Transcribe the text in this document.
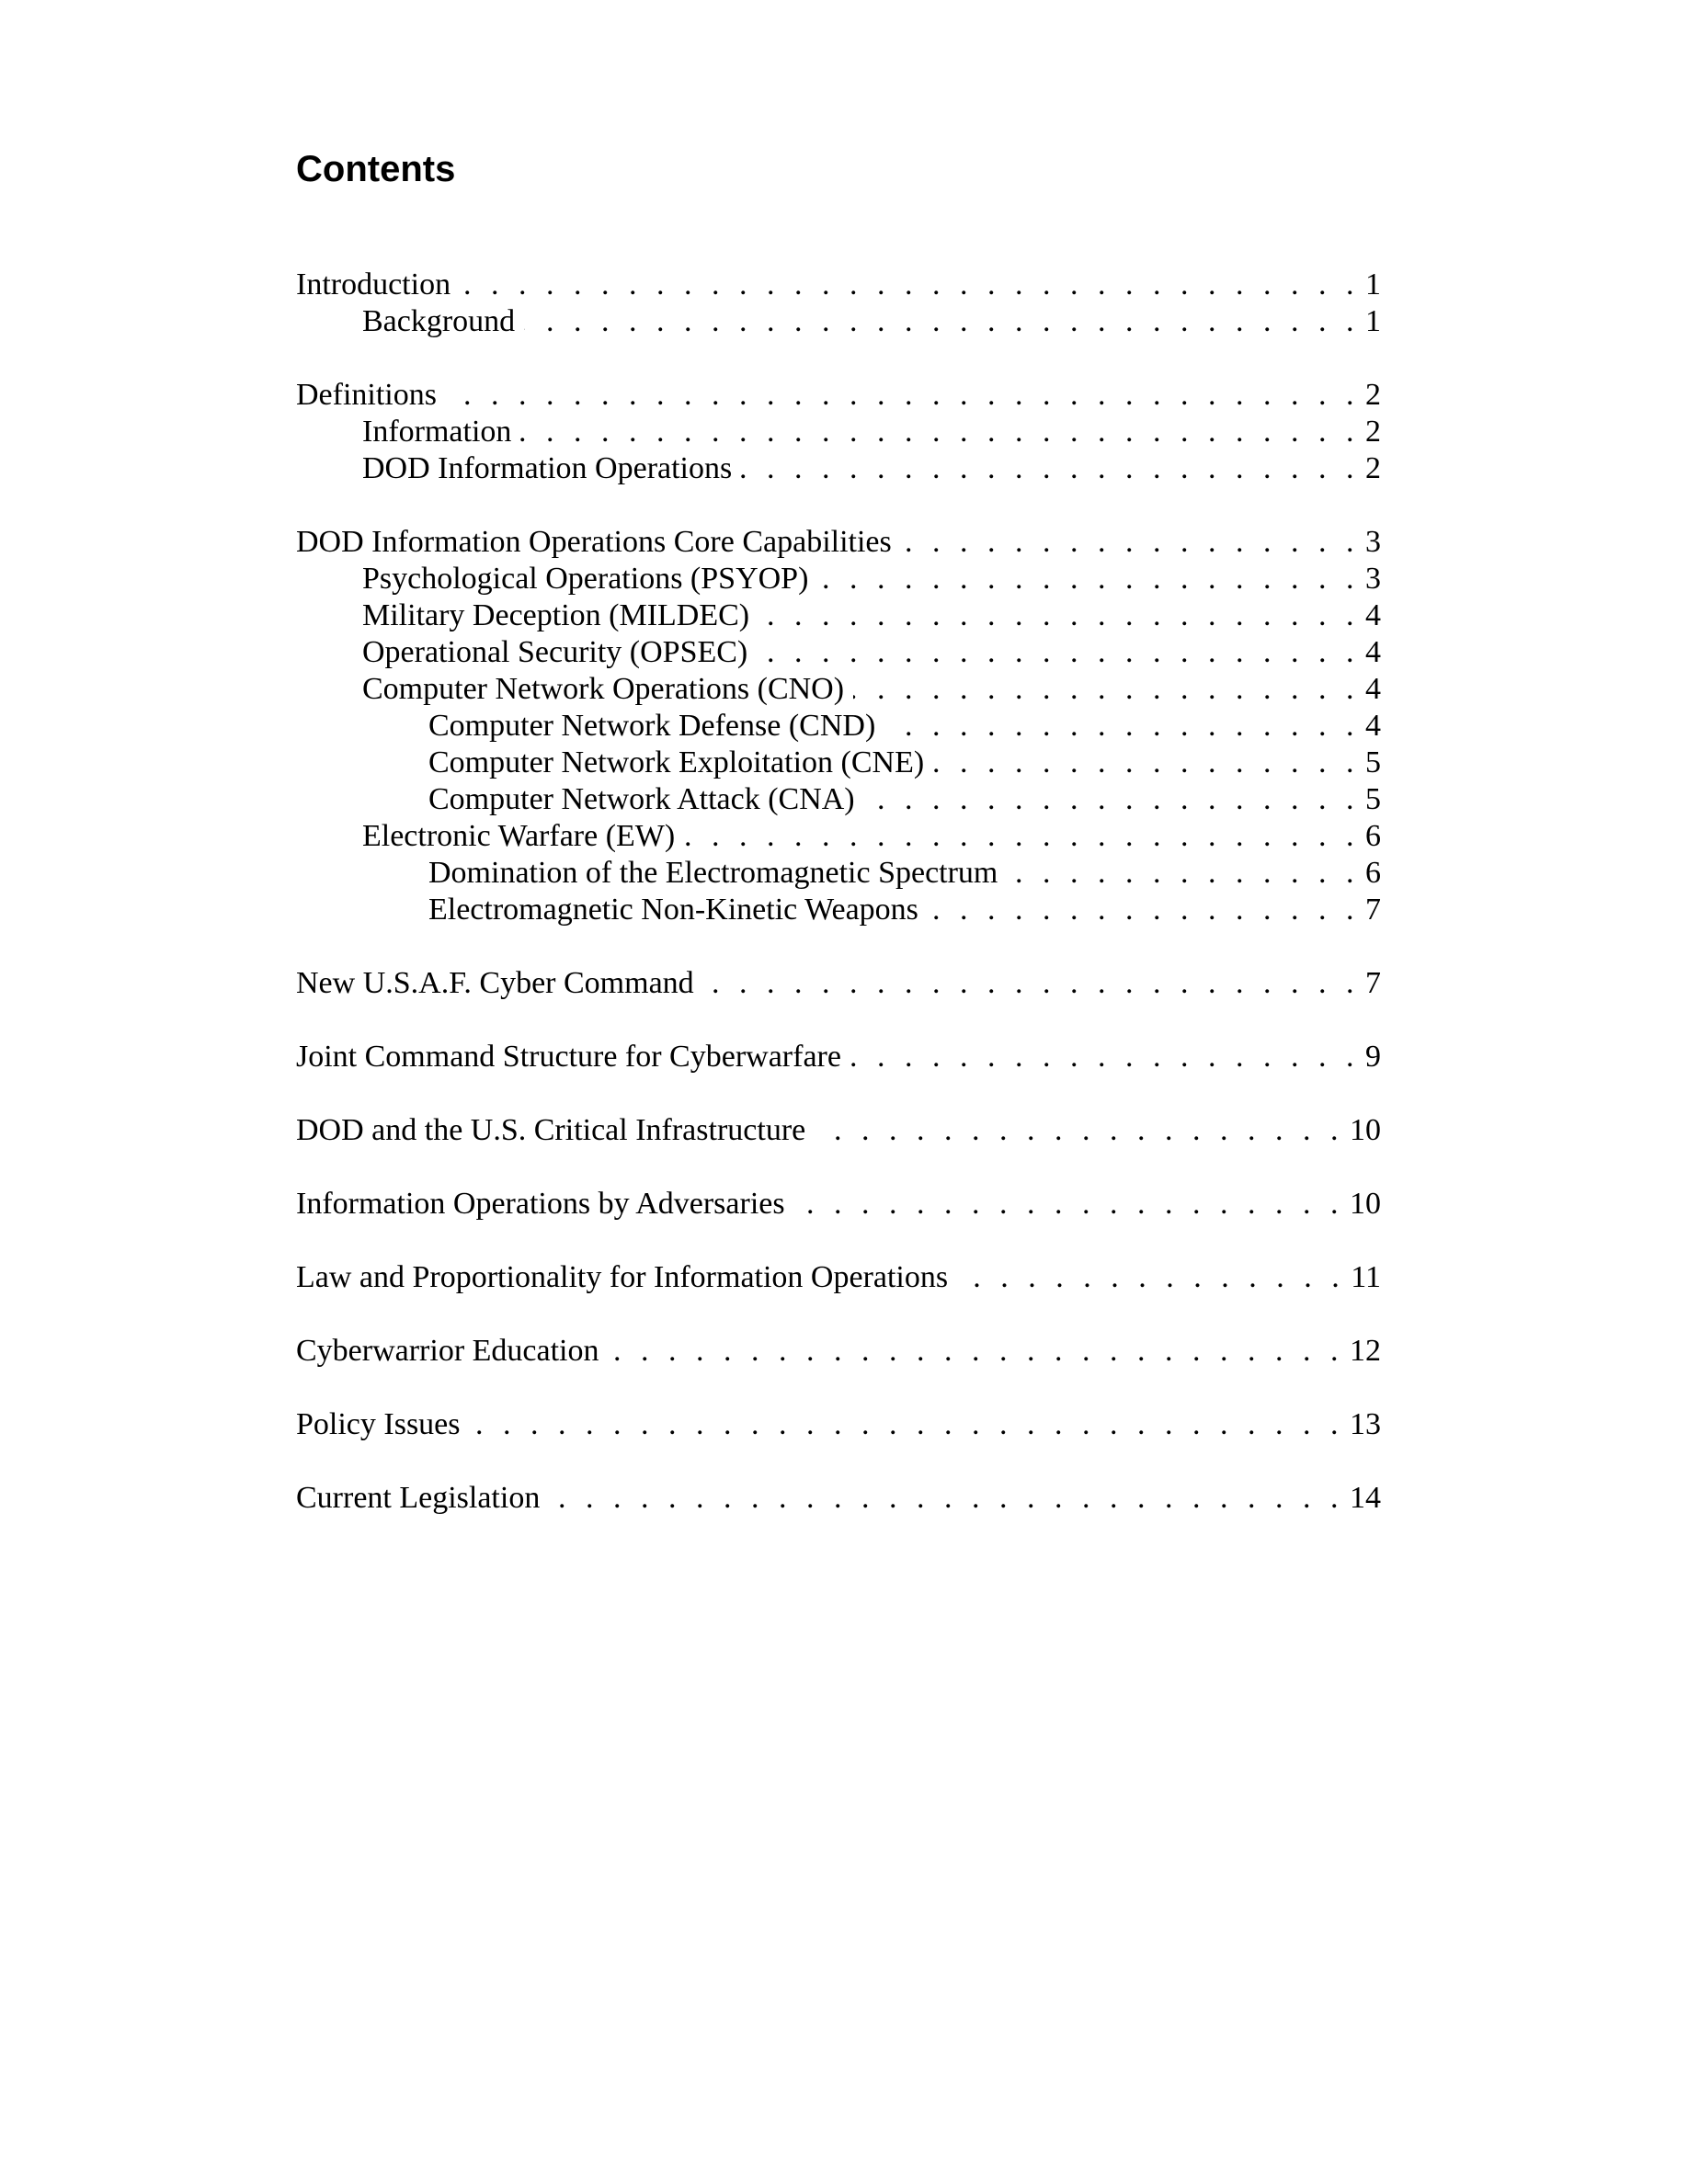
Contents
Introduction . . .	1
Background . . .	1
Definitions . . .	2
Information . . .	2
DOD Information Operations . . .	2
DOD Information Operations Core Capabilities . . .	3
Psychological Operations (PSYOP) . . .	3
Military Deception (MILDEC) . . .	4
Operational Security (OPSEC) . . .	4
Computer Network Operations (CNO) . . .	4
Computer Network Defense (CND) . . .	4
Computer Network Exploitation (CNE) . . .	5
Computer Network Attack (CNA) . . .	5
Electronic Warfare (EW) . . .	6
Domination of the Electromagnetic Spectrum . . .	6
Electromagnetic Non-Kinetic Weapons . . .	7
New U.S.A.F. Cyber Command . . .	7
Joint Command Structure for Cyberwarfare . . .	9
DOD and the U.S. Critical Infrastructure . . .	10
Information Operations by Adversaries . . .	10
Law and Proportionality for Information Operations . . .	11
Cyberwarrior Education . . .	12
Policy Issues . . .	13
Current Legislation . . .	14
